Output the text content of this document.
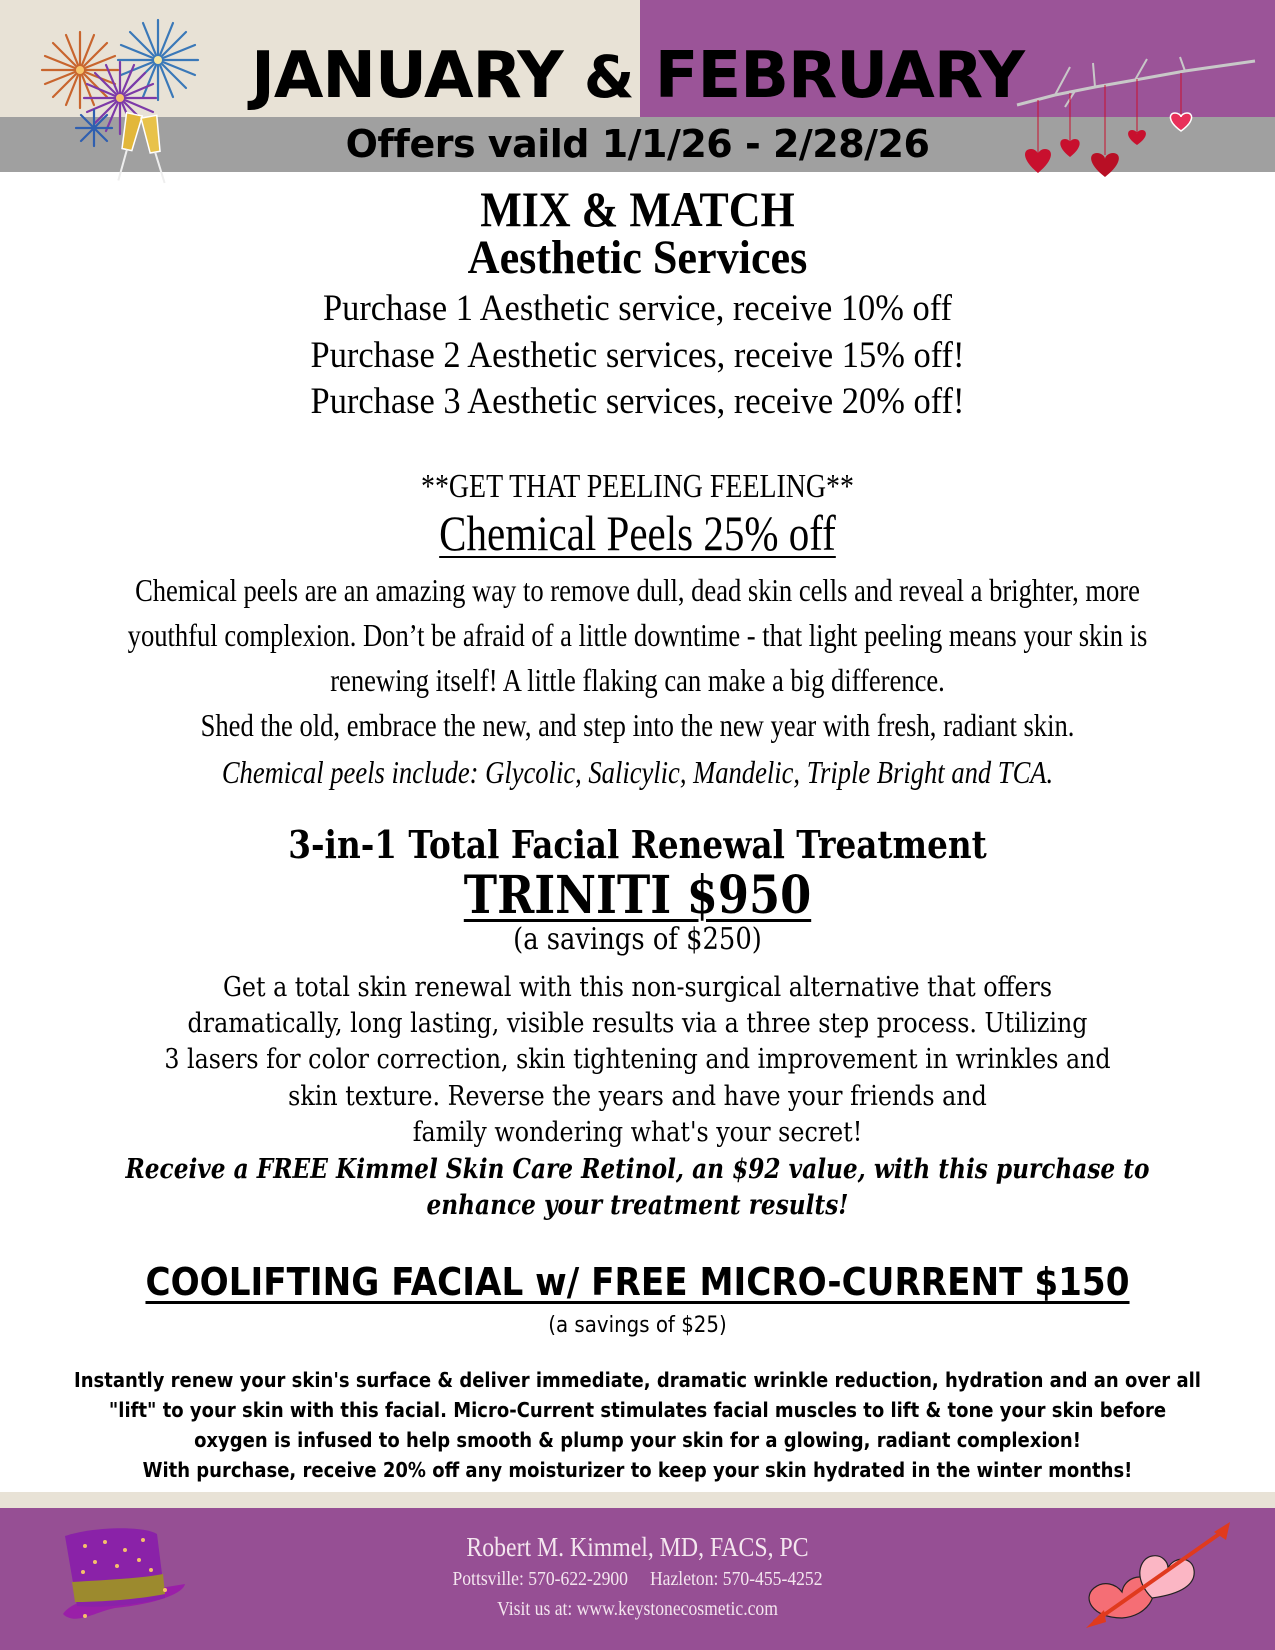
JANUARY & FEBRUARY
Offers vaild 1/1/26 - 2/28/26
MIX & MATCH
Aesthetic Services
Purchase 1 Aesthetic service, receive 10% off
Purchase 2 Aesthetic services, receive 15% off!
Purchase 3 Aesthetic services, receive 20% off!
**GET THAT PEELING FEELING**
Chemical Peels 25% off
Chemical peels are an amazing way to remove dull, dead skin cells and reveal a brighter, more
youthful complexion. Don’t be afraid of a little downtime - that light peeling means your skin is
renewing itself! A little flaking can make a big difference.
Shed the old, embrace the new, and step into the new year with fresh, radiant skin.
Chemical peels include: Glycolic, Salicylic, Mandelic, Triple Bright and TCA.
3-in-1 Total Facial Renewal Treatment
TRINITI $950
(a savings of $250)
Get a total skin renewal with this non-surgical alternative that offers
dramatically, long lasting, visible results via a three step process. Utilizing
3 lasers for color correction, skin tightening and improvement in wrinkles and
skin texture. Reverse the years and have your friends and
family wondering what's your secret!
Receive a FREE Kimmel Skin Care Retinol, an $92 value, with this purchase to
enhance your treatment results!
COOLIFTING FACIAL w/ FREE MICRO-CURRENT $150
(a savings of $25)
Instantly renew your skin's surface & deliver immediate, dramatic wrinkle reduction, hydration and an over all
"lift" to your skin with this facial. Micro-Current stimulates facial muscles to lift & tone your skin before
oxygen is infused to help smooth & plump your skin for a glowing, radiant complexion!
With purchase, receive 20% off any moisturizer to keep your skin hydrated in the winter months!
Robert M. Kimmel, MD, FACS, PC
Pottsville: 570-622-2900     Hazleton: 570-455-4252
Visit us at: www.keystonecosmetic.com
